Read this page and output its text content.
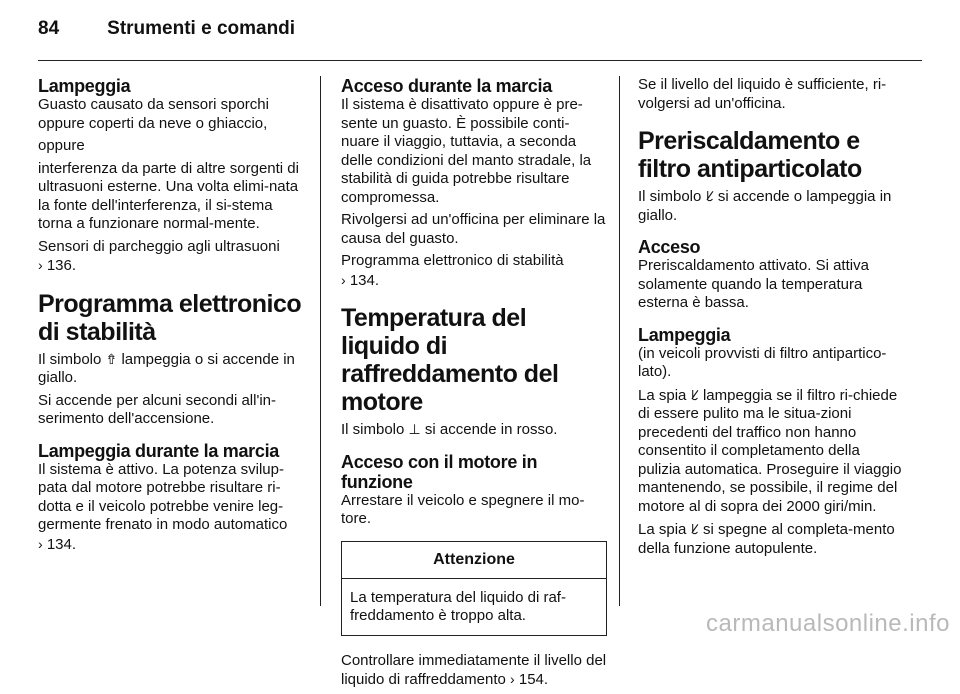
84	Strumenti e comandi
Lampeggia

Guasto causato da sensori sporchi oppure coperti da neve o ghiaccio,

oppure

interferenza da parte di altre sorgenti di ultrasuoni esterne. Una volta elimi-nata la fonte dell'interferenza, il si-stema torna a funzionare normal-mente.

Sensori di parcheggio agli ultrasuoni
› 136.

Programma elettronico di stabilità

Il simbolo ⇮ lampeggia o si accende in giallo.

Si accende per alcuni secondi all'in-serimento dell'accensione.

Lampeggia durante la marcia

Il sistema è attivo. La potenza svilup-pata dal motore potrebbe risultare ri-dotta e il veicolo potrebbe venire leg-germente frenato in modo automatico
› 134.

Acceso durante la marcia

Il sistema è disattivato oppure è pre-sente un guasto. È possibile conti-nuare il viaggio, tuttavia, a seconda delle condizioni del manto stradale, la stabilità di guida potrebbe risultare compromessa.

Rivolgersi ad un'officina per eliminare la causa del guasto.

Programma elettronico di stabilità
› 134.

Temperatura del liquido di raffreddamento del motore

Il simbolo ⊥ si accende in rosso.

Acceso con il motore in funzione

Arrestare il veicolo e spegnere il mo-tore.

Attenzione
La temperatura del liquido di raf-freddamento è troppo alta.

Controllare immediatamente il livello del liquido di raffreddamento › 154.

Se il livello del liquido è sufficiente, ri-volgersi ad un'officina.

Preriscaldamento e filtro antiparticolato

Il simbolo ᱥ si accende o lampeggia in giallo.

Acceso

Preriscaldamento attivato. Si attiva solamente quando la temperatura esterna è bassa.

Lampeggia

(in veicoli provvisti di filtro antipartico-lato).

La spia ᱥ lampeggia se il filtro ri-chiede di essere pulito ma le situa-zioni precedenti del traffico non hanno consentito il completamento della pulizia automatica. Proseguire il viaggio mantenendo, se possibile, il regime del motore al di sopra dei 2000 giri/min.

La spia ᱥ si spegne al completa-mento della funzione autopulente.

carmanualsonline.info
